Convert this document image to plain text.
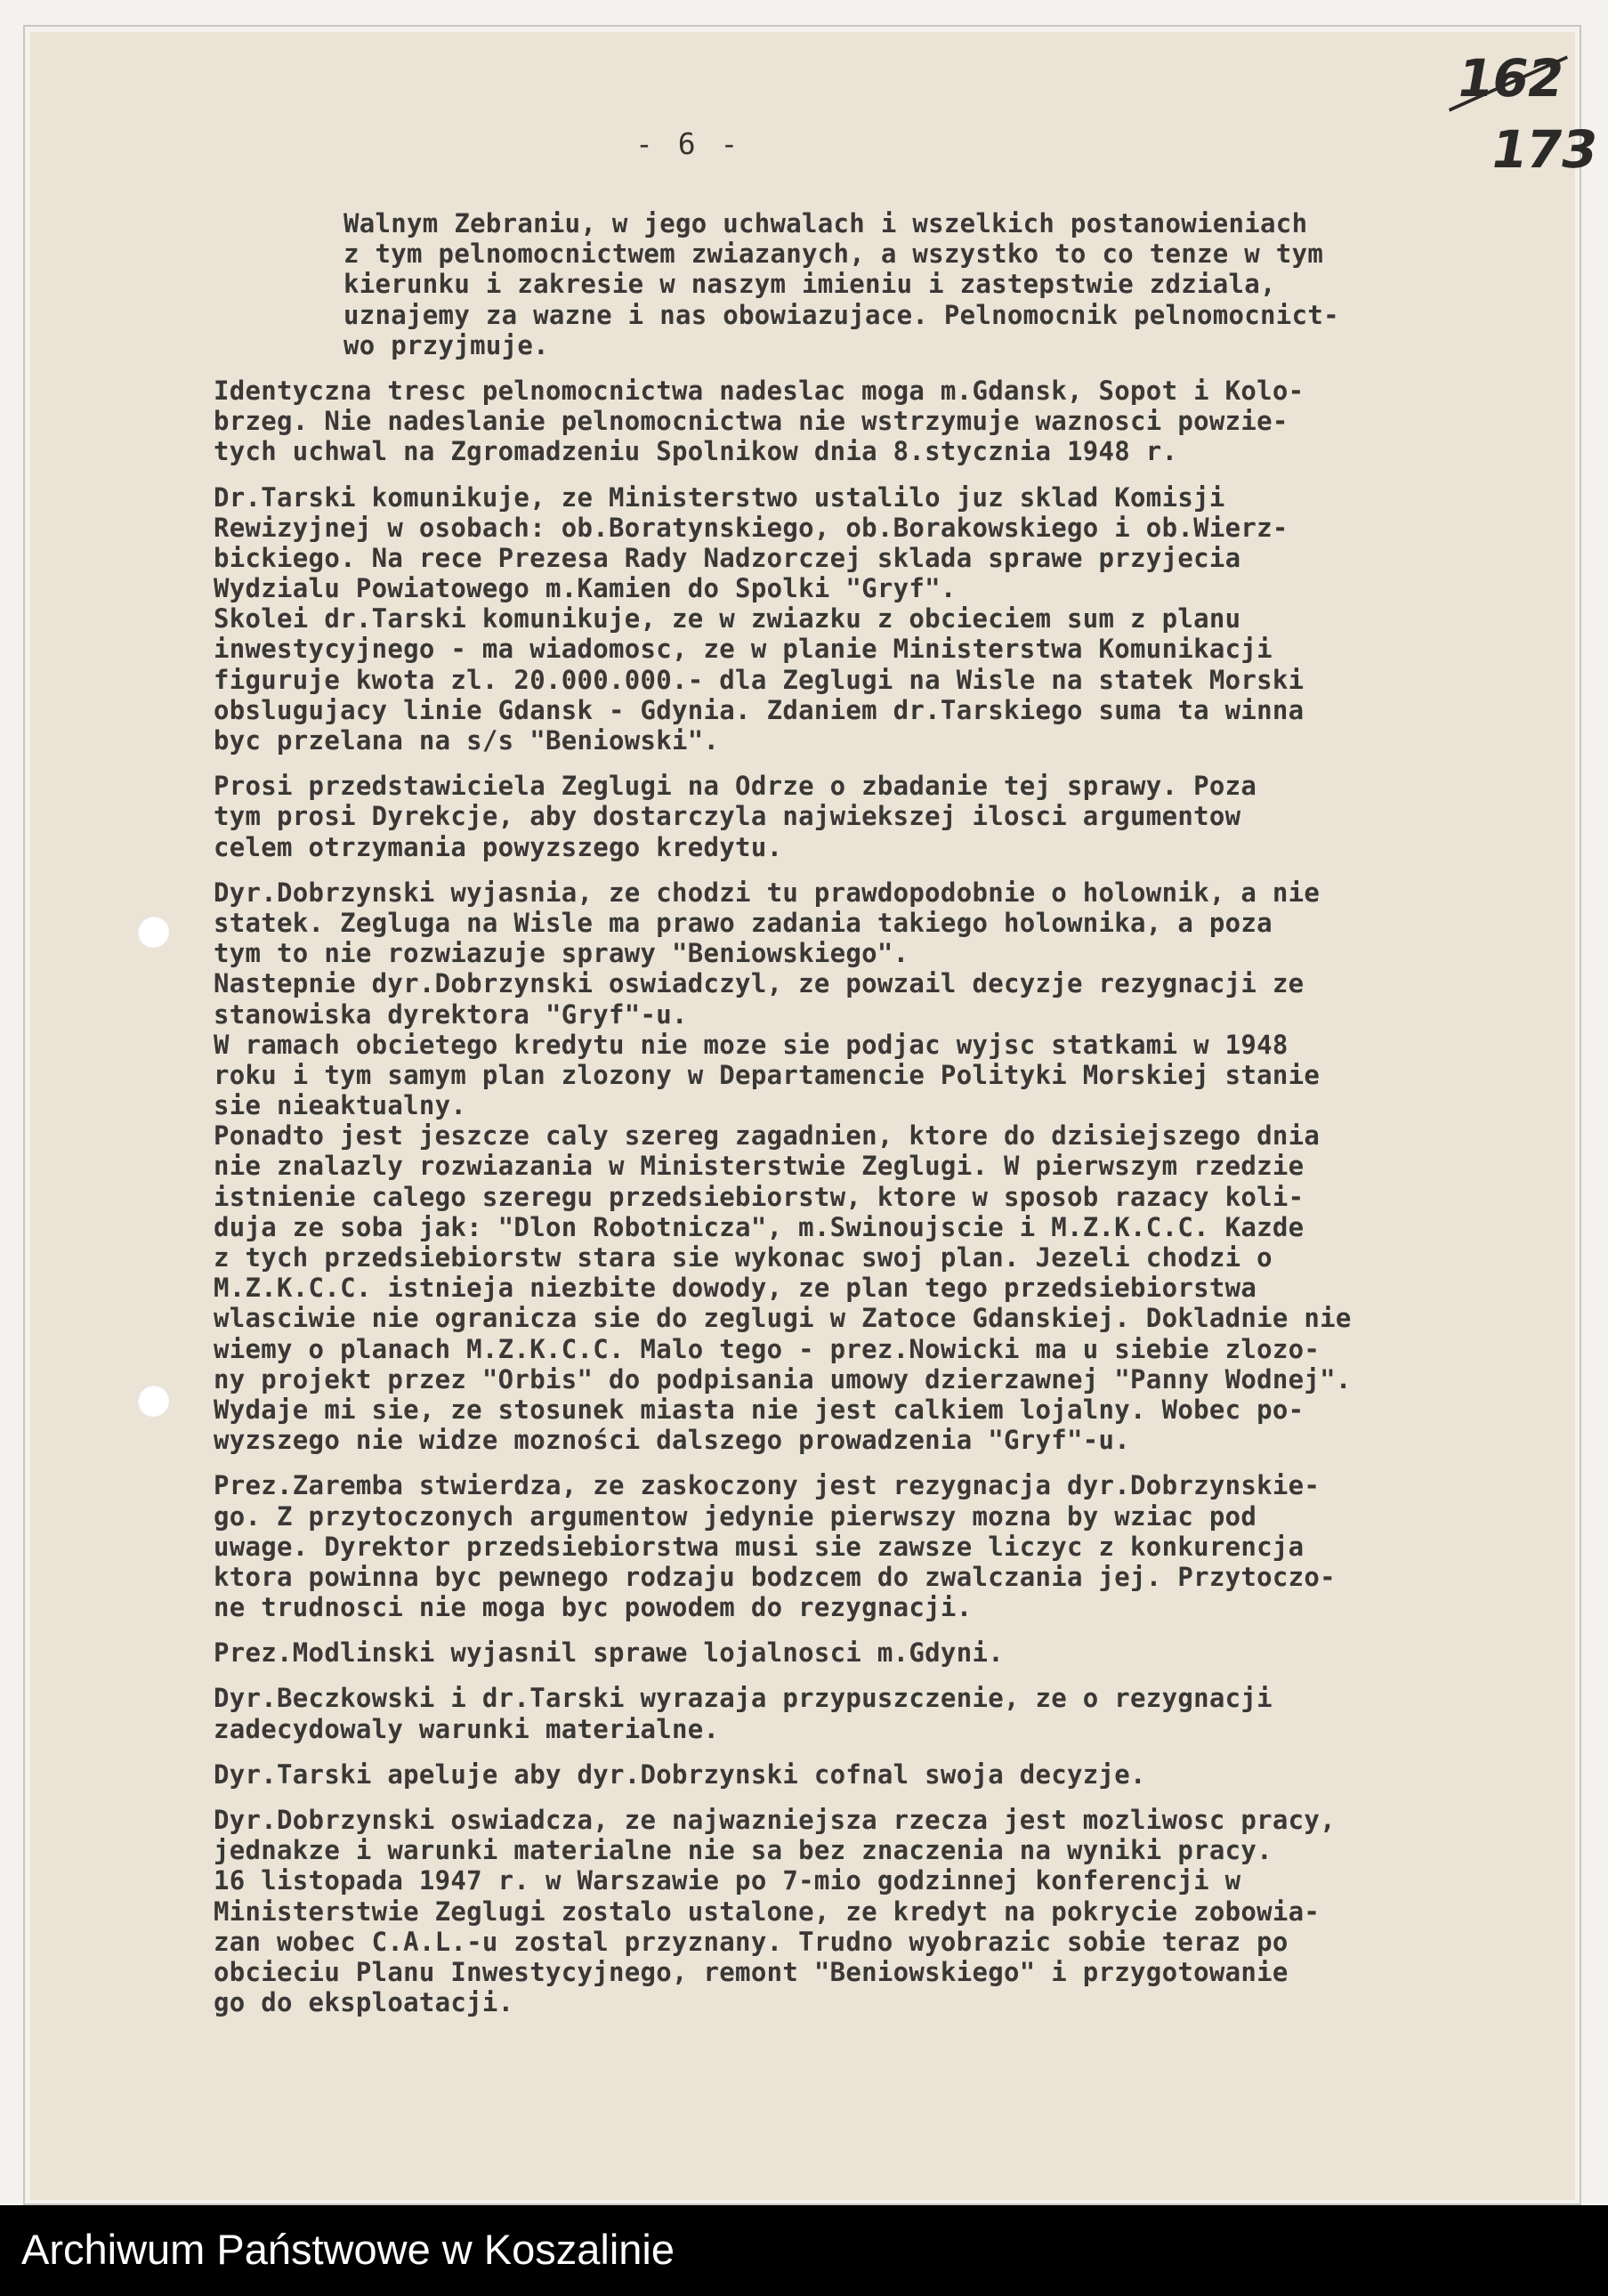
162
173
- 6 -
Walnym Zebraniu, w jego uchwalach i wszelkich postanowieniach
z tym pelnomocnictwem zwiazanych, a wszystko to co tenze w tym
kierunku i zakresie w naszym imieniu i zastepstwie zdziala,
uznajemy za wazne i nas obowiazujace. Pelnomocnik pelnomocnict-
wo przyjmuje.
Identyczna tresc pelnomocnictwa nadeslac moga m.Gdansk, Sopot i Kolo-
brzeg. Nie nadeslanie pelnomocnictwa nie wstrzymuje waznosci powzie-
tych uchwal na Zgromadzeniu Spolnikow dnia 8.stycznia 1948 r.
Dr.Tarski komunikuje, ze Ministerstwo ustalilo juz sklad Komisji
Rewizyjnej w osobach: ob.Boratynskiego, ob.Borakowskiego i ob.Wierz-
bickiego. Na rece Prezesa Rady Nadzorczej sklada sprawe przyjecia
Wydzialu Powiatowego m.Kamien do Spolki "Gryf".
Skolei dr.Tarski komunikuje, ze w zwiazku z obcieciem sum z planu
inwestycyjnego - ma wiadomosc, ze w planie Ministerstwa Komunikacji
figuruje kwota zl. 20.000.000.- dla Zeglugi na Wisle na statek Morski
obslugujacy linie Gdansk - Gdynia. Zdaniem dr.Tarskiego suma ta winna
byc przelana na s/s "Beniowski".
Prosi przedstawiciela Zeglugi na Odrze o zbadanie tej sprawy. Poza
tym prosi Dyrekcje, aby dostarczyla najwiekszej ilosci argumentow
celem otrzymania powyzszego kredytu.
Dyr.Dobrzynski wyjasnia, ze chodzi tu prawdopodobnie o holownik, a nie
statek. Zegluga na Wisle ma prawo zadania takiego holownika, a poza
tym to nie rozwiazuje sprawy "Beniowskiego".
Nastepnie dyr.Dobrzynski oswiadczyl, ze powzail decyzje rezygnacji ze
stanowiska dyrektora "Gryf"-u.
W ramach obcietego kredytu nie moze sie podjac wyjsc statkami w 1948
roku i tym samym plan zlozony w Departamencie Polityki Morskiej stanie
sie nieaktualny.
Ponadto jest jeszcze caly szereg zagadnien, ktore do dzisiejszego dnia
nie znalazly rozwiazania w Ministerstwie Zeglugi. W pierwszym rzedzie
istnienie calego szeregu przedsiebiorstw, ktore w sposob razacy koli-
duja ze soba jak: "Dlon Robotnicza", m.Swinoujscie i M.Z.K.C.C. Kazde
z tych przedsiebiorstw stara sie wykonac swoj plan. Jezeli chodzi o
M.Z.K.C.C. istnieja niezbite dowody, ze plan tego przedsiebiorstwa
wlasciwie nie ogranicza sie do zeglugi w Zatoce Gdanskiej. Dokladnie nie
wiemy o planach M.Z.K.C.C. Malo tego - prez.Nowicki ma u siebie zlozo-
ny projekt przez "Orbis" do podpisania umowy dzierzawnej "Panny Wodnej".
Wydaje mi sie, ze stosunek miasta nie jest calkiem lojalny. Wobec po-
wyzszego nie widze mozności dalszego prowadzenia "Gryf"-u.
Prez.Zaremba stwierdza, ze zaskoczony jest rezygnacja dyr.Dobrzynskie-
go. Z przytoczonych argumentow jedynie pierwszy mozna by wziac pod
uwage. Dyrektor przedsiebiorstwa musi sie zawsze liczyc z konkurencja
ktora powinna byc pewnego rodzaju bodzcem do zwalczania jej. Przytoczo-
ne trudnosci nie moga byc powodem do rezygnacji.
Prez.Modlinski wyjasnil sprawe lojalnosci m.Gdyni.
Dyr.Beczkowski i dr.Tarski wyrazaja przypuszczenie, ze o rezygnacji
zadecydowaly warunki materialne.
Dyr.Tarski apeluje aby dyr.Dobrzynski cofnal swoja decyzje.
Dyr.Dobrzynski oswiadcza, ze najwazniejsza rzecza jest mozliwosc pracy,
jednakze i warunki materialne nie sa bez znaczenia na wyniki pracy.
16 listopada 1947 r. w Warszawie po 7-mio godzinnej konferencji w
Ministerstwie Zeglugi zostalo ustalone, ze kredyt na pokrycie zobowia-
zan wobec C.A.L.-u zostal przyznany. Trudno wyobrazic sobie teraz po
obcieciu Planu Inwestycyjnego, remont "Beniowskiego" i przygotowanie
go do eksploatacji.
Archiwum Państwowe w Koszalinie
